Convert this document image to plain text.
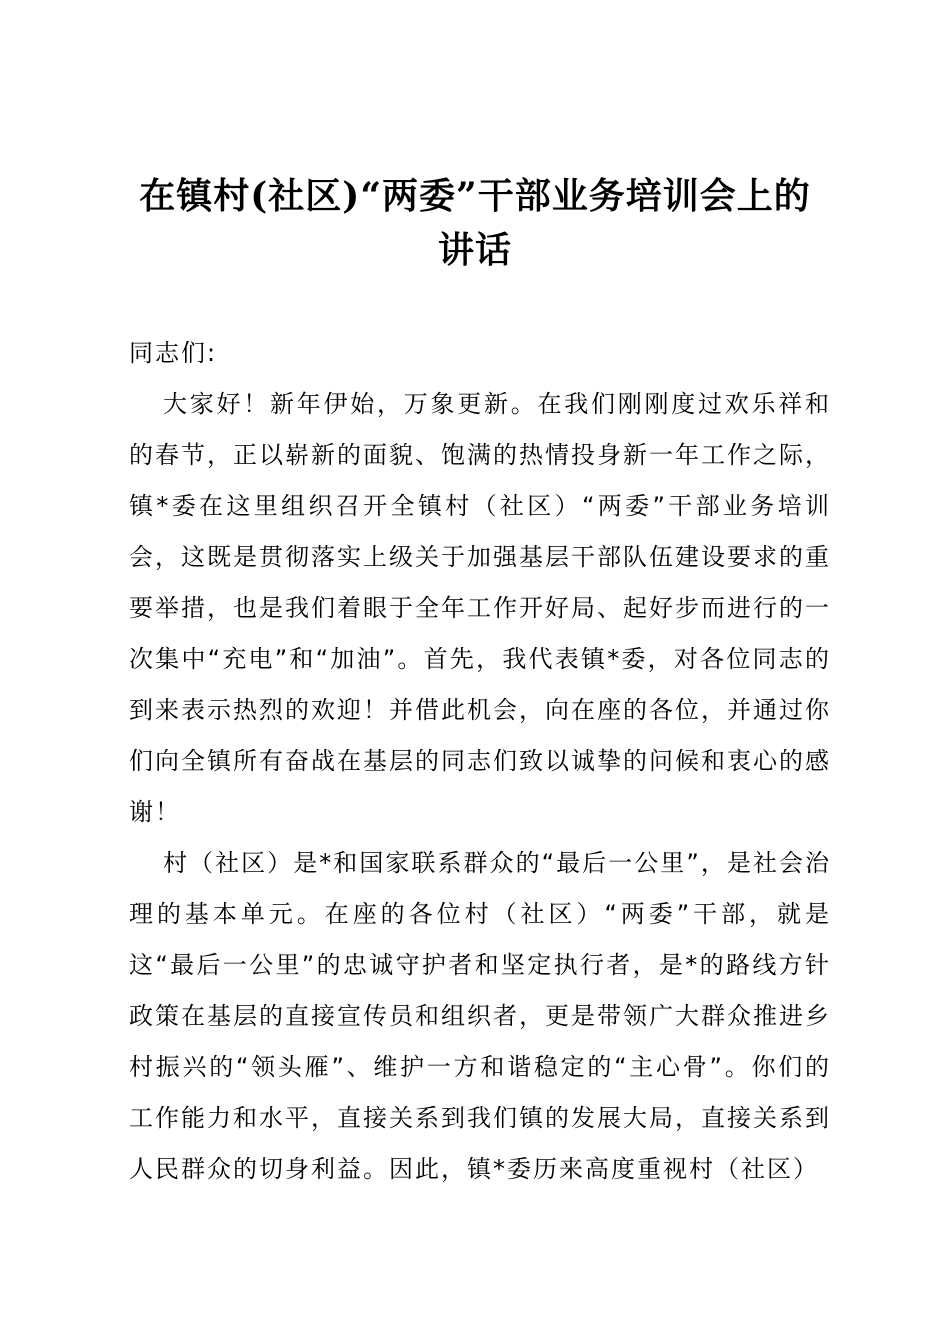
在镇村(社区)“两委”干部业务培训会上的
讲话

同志们:

大家好！新年伊始，万象更新。在我们刚刚度过欢乐祥和的春节，正以崭新的面貌、饱满的热情投身新一年工作之际，镇*委在这里组织召开全镇村（社区）“两委”干部业务培训会，这既是贯彻落实上级关于加强基层干部队伍建设要求的重要举措，也是我们着眼于全年工作开好局、起好步而进行的一次集中“充电”和“加油”。首先，我代表镇*委，对各位同志的到来表示热烈的欢迎！并借此机会，向在座的各位，并通过你们向全镇所有奋战在基层的同志们致以诚挚的问候和衷心的感谢！

村（社区）是*和国家联系群众的“最后一公里”，是社会治理的基本单元。在座的各位村（社区）“两委”干部，就是这“最后一公里”的忠诚守护者和坚定执行者，是*的路线方针政策在基层的直接宣传员和组织者，更是带领广大群众推进乡村振兴的“领头雁”、维护一方和谐稳定的“主心骨”。你们的工作能力和水平，直接关系到我们镇的发展大局，直接关系到人民群众的切身利益。因此，镇*委历来高度重视村（社区）
